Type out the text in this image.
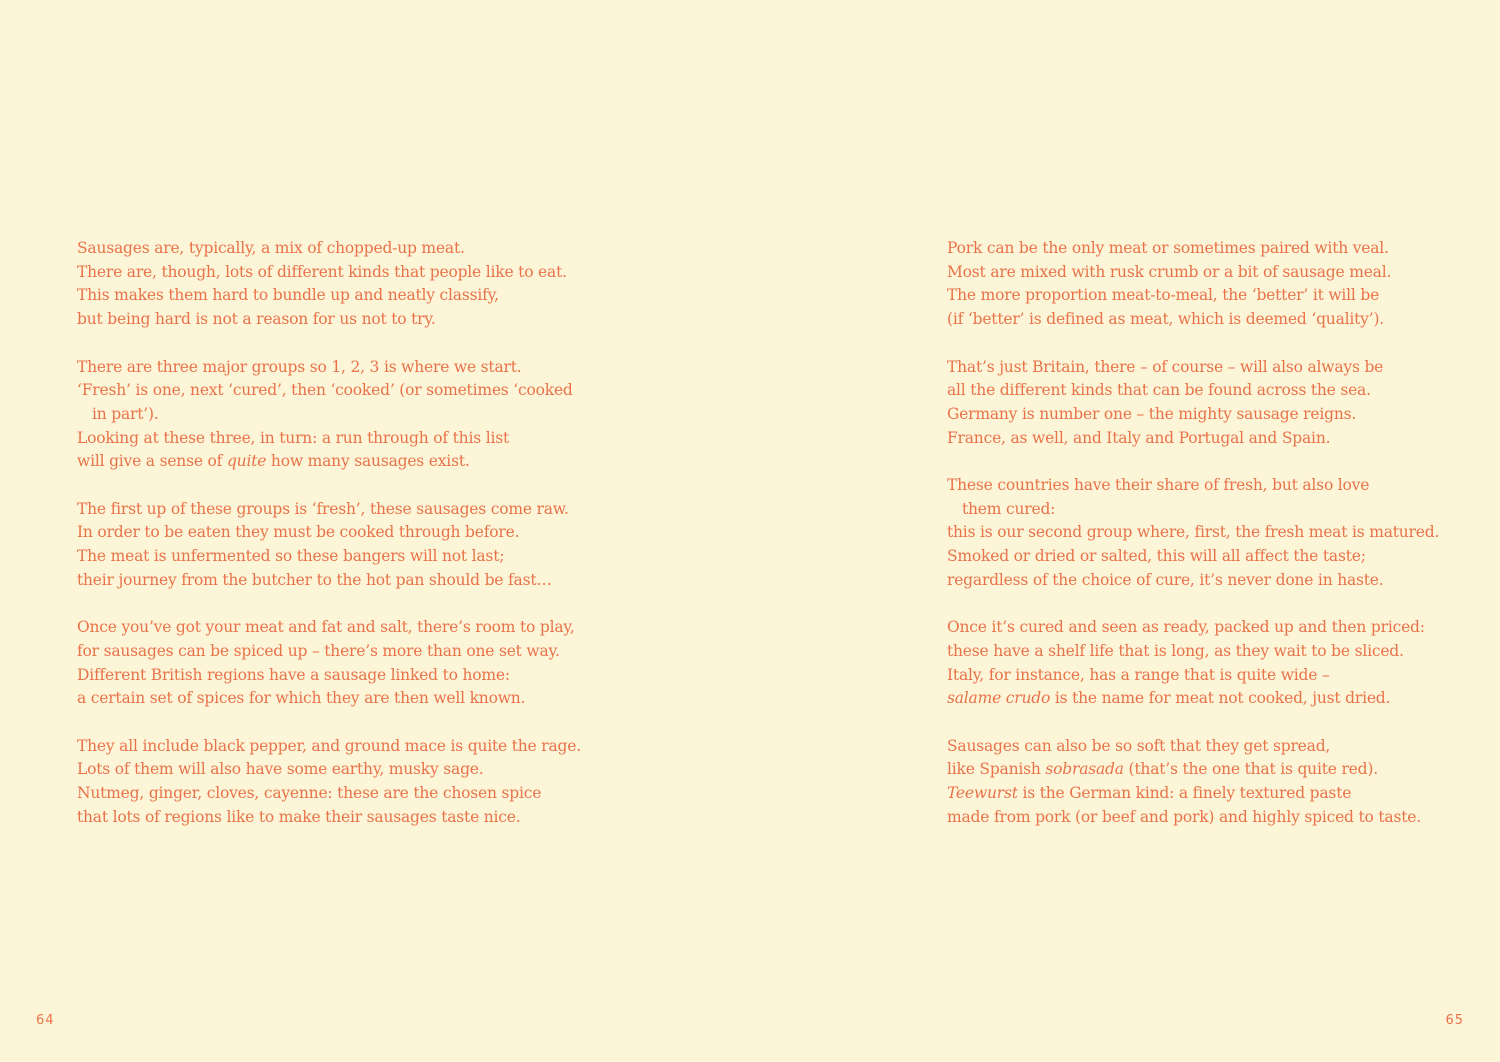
Sausages are, typically, a mix of chopped-up meat.
There are, though, lots of different kinds that people like to eat.
This makes them hard to bundle up and neatly classify,
but being hard is not a reason for us not to try.
There are three major groups so 1, 2, 3 is where we start.
‘Fresh’ is one, next ‘cured’, then ‘cooked’ (or sometimes ‘cooked
in part’).
Looking at these three, in turn: a run through of this list
will give a sense of quite how many sausages exist.
The first up of these groups is ‘fresh’, these sausages come raw.
In order to be eaten they must be cooked through before.
The meat is unfermented so these bangers will not last;
their journey from the butcher to the hot pan should be fast…
Once you’ve got your meat and fat and salt, there’s room to play,
for sausages can be spiced up – there’s more than one set way.
Different British regions have a sausage linked to home:
a certain set of spices for which they are then well known.
They all include black pepper, and ground mace is quite the rage.
Lots of them will also have some earthy, musky sage.
Nutmeg, ginger, cloves, cayenne: these are the chosen spice
that lots of regions like to make their sausages taste nice.
64
Pork can be the only meat or sometimes paired with veal.
Most are mixed with rusk crumb or a bit of sausage meal.
The more proportion meat-to-meal, the ‘better’ it will be
(if ‘better’ is defined as meat, which is deemed ‘quality’).
That’s just Britain, there – of course – will also always be
all the different kinds that can be found across the sea.
Germany is number one – the mighty sausage reigns.
France, as well, and Italy and Portugal and Spain.
These countries have their share of fresh, but also love
them cured:
this is our second group where, first, the fresh meat is matured.
Smoked or dried or salted, this will all affect the taste;
regardless of the choice of cure, it’s never done in haste.
Once it’s cured and seen as ready, packed up and then priced:
these have a shelf life that is long, as they wait to be sliced.
Italy, for instance, has a range that is quite wide –
salame crudo is the name for meat not cooked, just dried.
Sausages can also be so soft that they get spread,
like Spanish sobrasada (that’s the one that is quite red).
Teewurst is the German kind: a finely textured paste
made from pork (or beef and pork) and highly spiced to taste.
65
